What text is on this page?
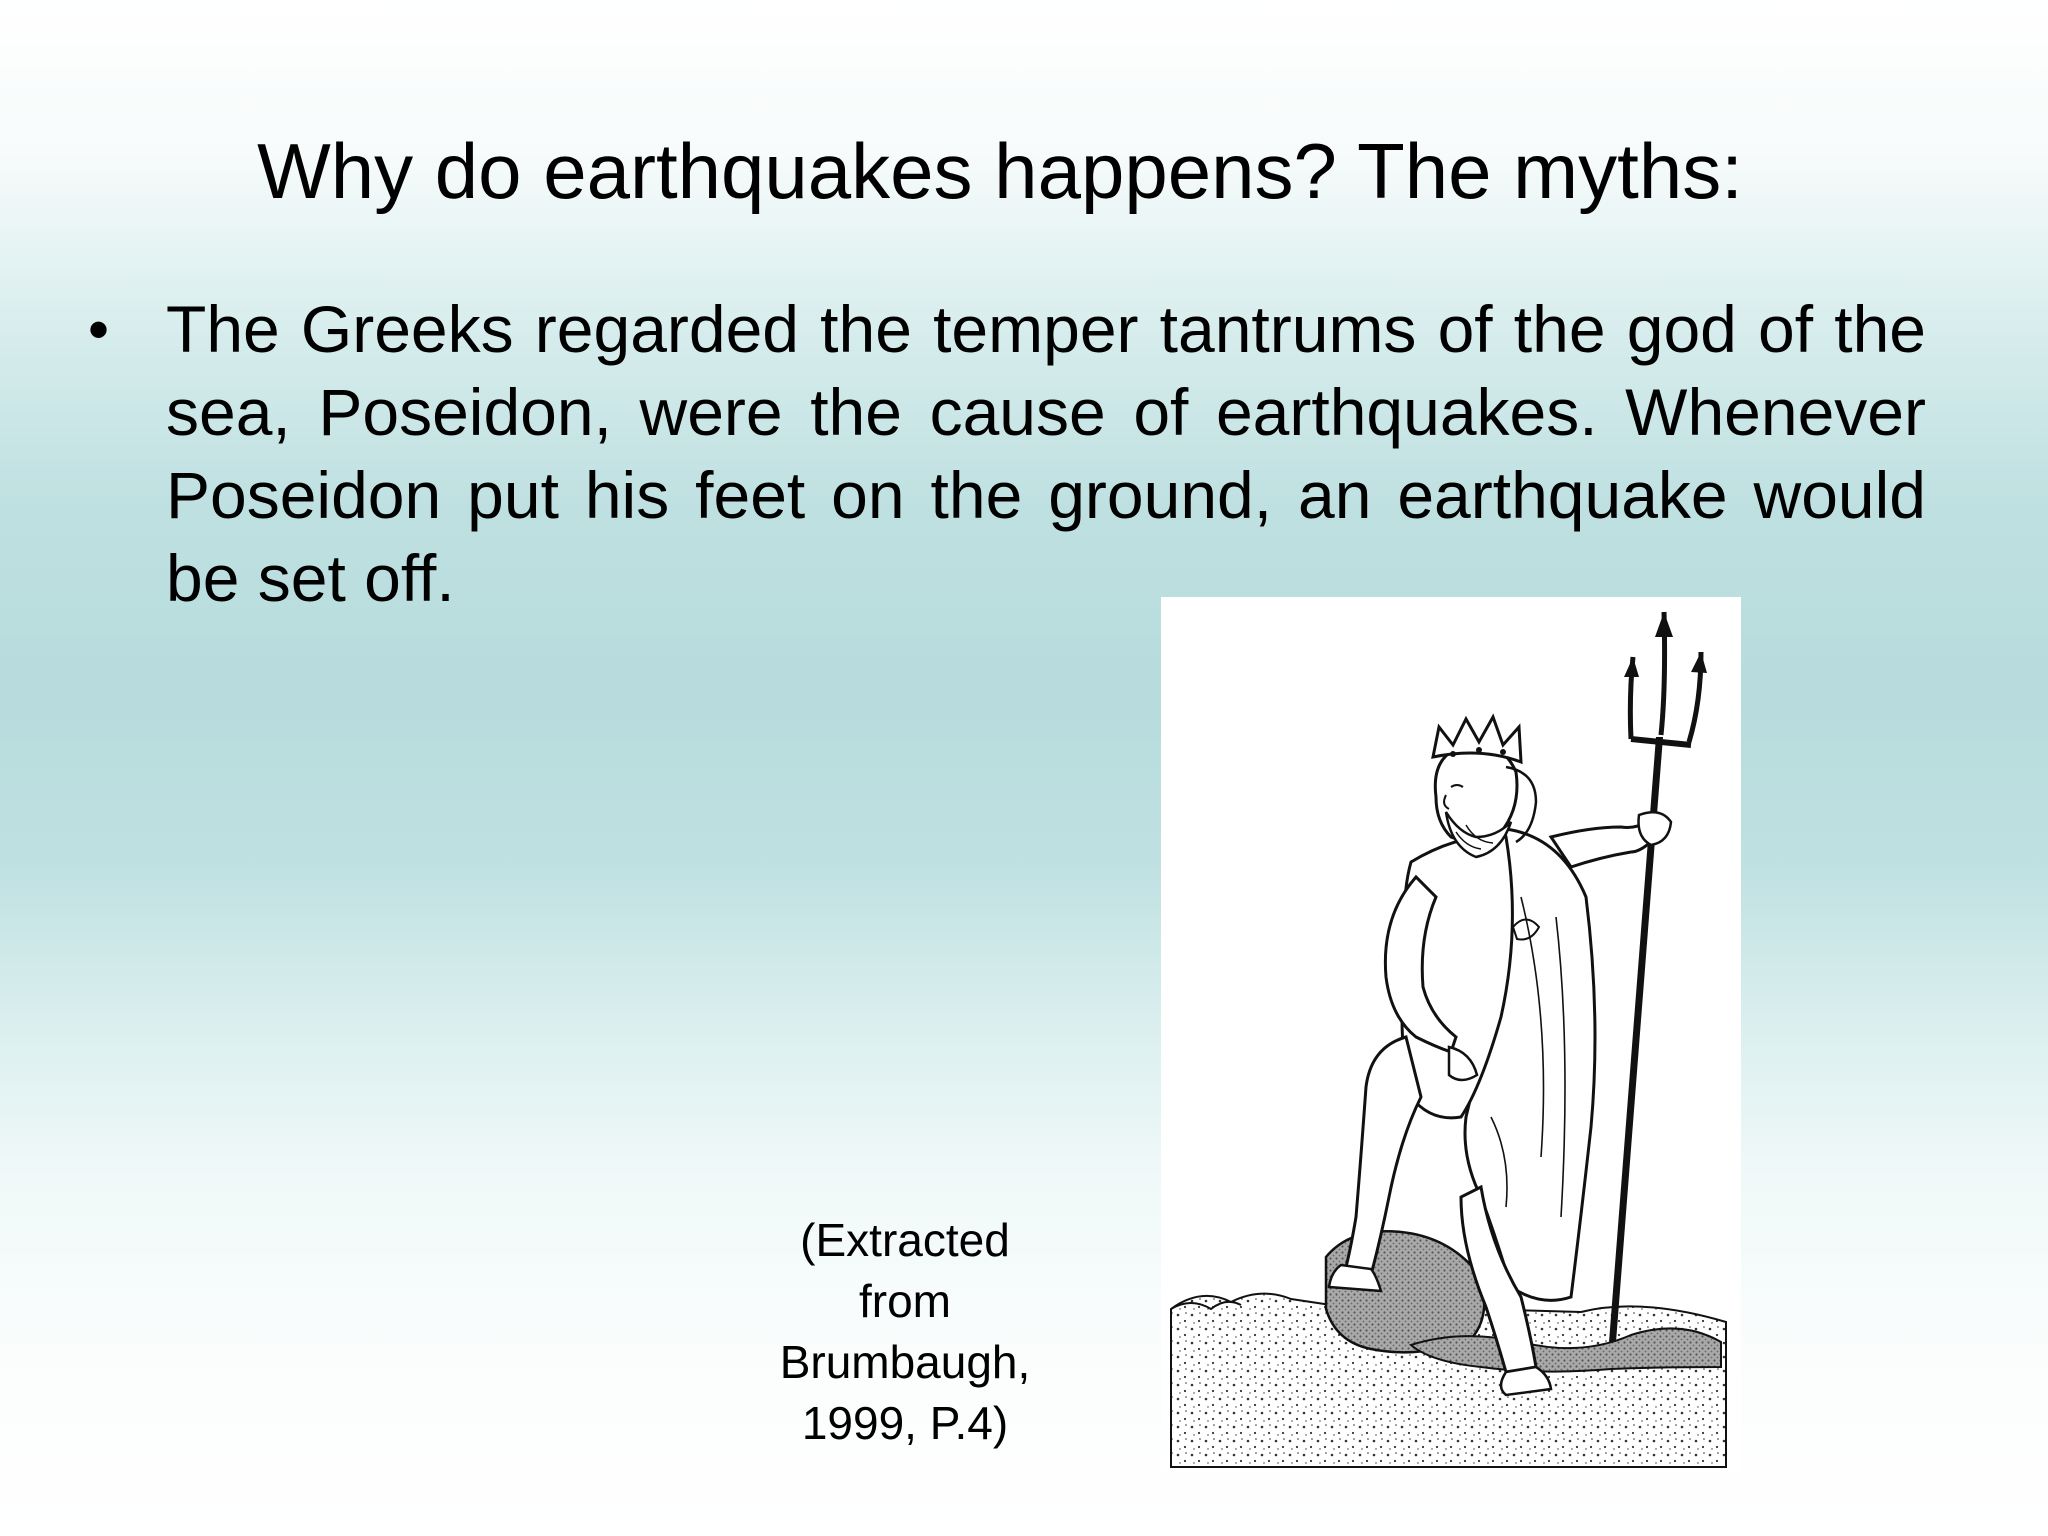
Why do earthquakes happens? The myths:
• The Greeks regarded the temper tantrums of the god of the sea, Poseidon, were the cause of earthquakes. Whenever Poseidon put his feet on the ground, an earthquake would be set off.
(Extracted
from
Brumbaugh,
1999, P.4)
